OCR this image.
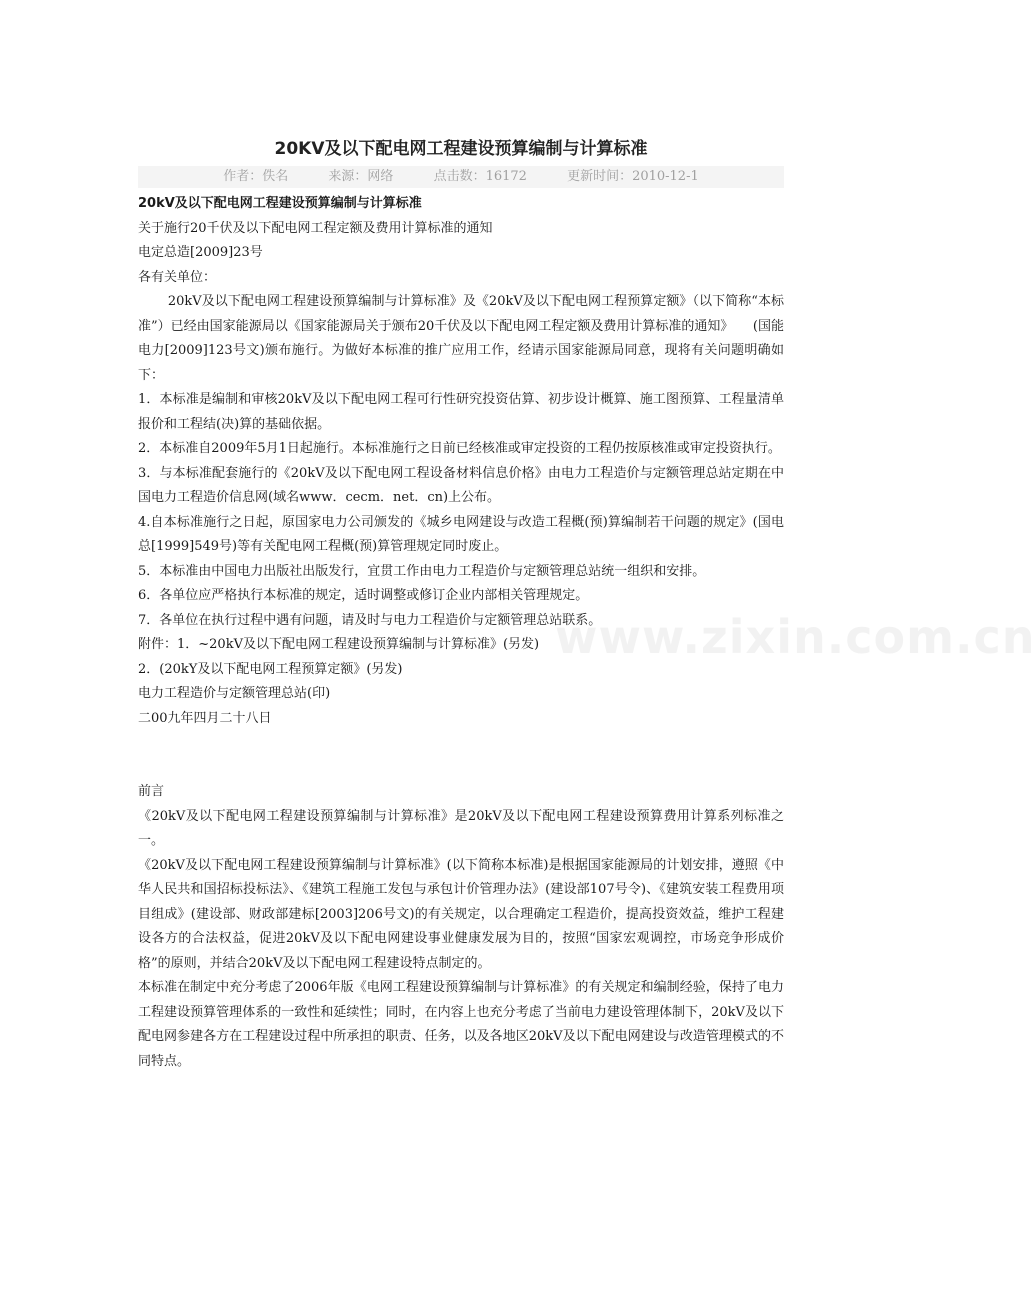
20KV及以下配电网工程建设预算编制与计算标准
作者：佚名	来源：网络	点击数：16172	更新时间：2010-12-1

20kV及以下配电网工程建设预算编制与计算标准

关于施行20千伏及以下配电网工程定额及费用计算标准的通知

电定总造[2009]23号

各有关单位：

20kV及以下配电网工程建设预算编制与计算标准》及《20kV及以下配电网工程预算定额》（以下简称“本标准”）已经由国家能源局以《国家能源局关于颁布20千伏及以下配电网工程定额及费用计算标准的通知》　　(国能电力[2009]123号文)颁布施行。为做好本标准的推广应用工作，经请示国家能源局同意，现将有关问题明确如下：

1．本标准是编制和审核20kV及以下配电网工程可行性研究投资估算、初步设计概算、施工图预算、工程量清单报价和工程结(决)算的基础依据。

2．本标准自2009年5月1日起施行。本标准施行之日前已经核准或审定投资的工程仍按原核准或审定投资执行。

3．与本标准配套施行的《20kV及以下配电网工程设备材料信息价格》由电力工程造价与定额管理总站定期在中国电力工程造价信息网(域名www．cecm．net．cn)上公布。

4.自本标准施行之日起，原国家电力公司颁发的《城乡电网建设与改造工程概(预)算编制若干问题的规定》(国电总[1999]549号)等有关配电网工程概(预)算管理规定同时废止。

5．本标准由中国电力出版社出版发行，宜贯工作由电力工程造价与定额管理总站统一组织和安排。

6．各单位应严格执行本标准的规定，适时调整或修订企业内部相关管理规定。

7．各单位在执行过程中遇有问题，请及时与电力工程造价与定额管理总站联系。

附件：1．~20kV及以下配电网工程建设预算编制与计算标准》(另发)

2．(20kY及以下配电网工程预算定额》(另发)

电力工程造价与定额管理总站(印)

二00九年四月二十八日

前言

《20kV及以下配电网工程建设预算编制与计算标准》是20kV及以下配电网工程建设预算费用计算系列标准之一。

《20kV及以下配电网工程建设预算编制与计算标准》(以下简称本标准)是根据国家能源局的计划安排，遵照《中华人民共和国招标投标法》、《建筑工程施工发包与承包计价管理办法》(建设部107号令)、《建筑安装工程费用项目组成》(建设部、财政部建标[2003]206号文)的有关规定，以合理确定工程造价，提高投资效益，维护工程建设各方的合法权益，促进20kV及以下配电网建设事业健康发展为目的，按照“国家宏观调控，市场竞争形成价格”的原则，并结合20kV及以下配电网工程建设特点制定的。

本标准在制定中充分考虑了2006年版《电网工程建设预算编制与计算标准》的有关规定和编制经验，保持了电力工程建设预算管理体系的一致性和延续性；同时，在内容上也充分考虑了当前电力建设管理体制下，20kV及以下配电网参建各方在工程建设过程中所承担的职责、任务，以及各地区20kV及以下配电网建设与改造管理模式的不同特点。

www.zixin.com.cn
